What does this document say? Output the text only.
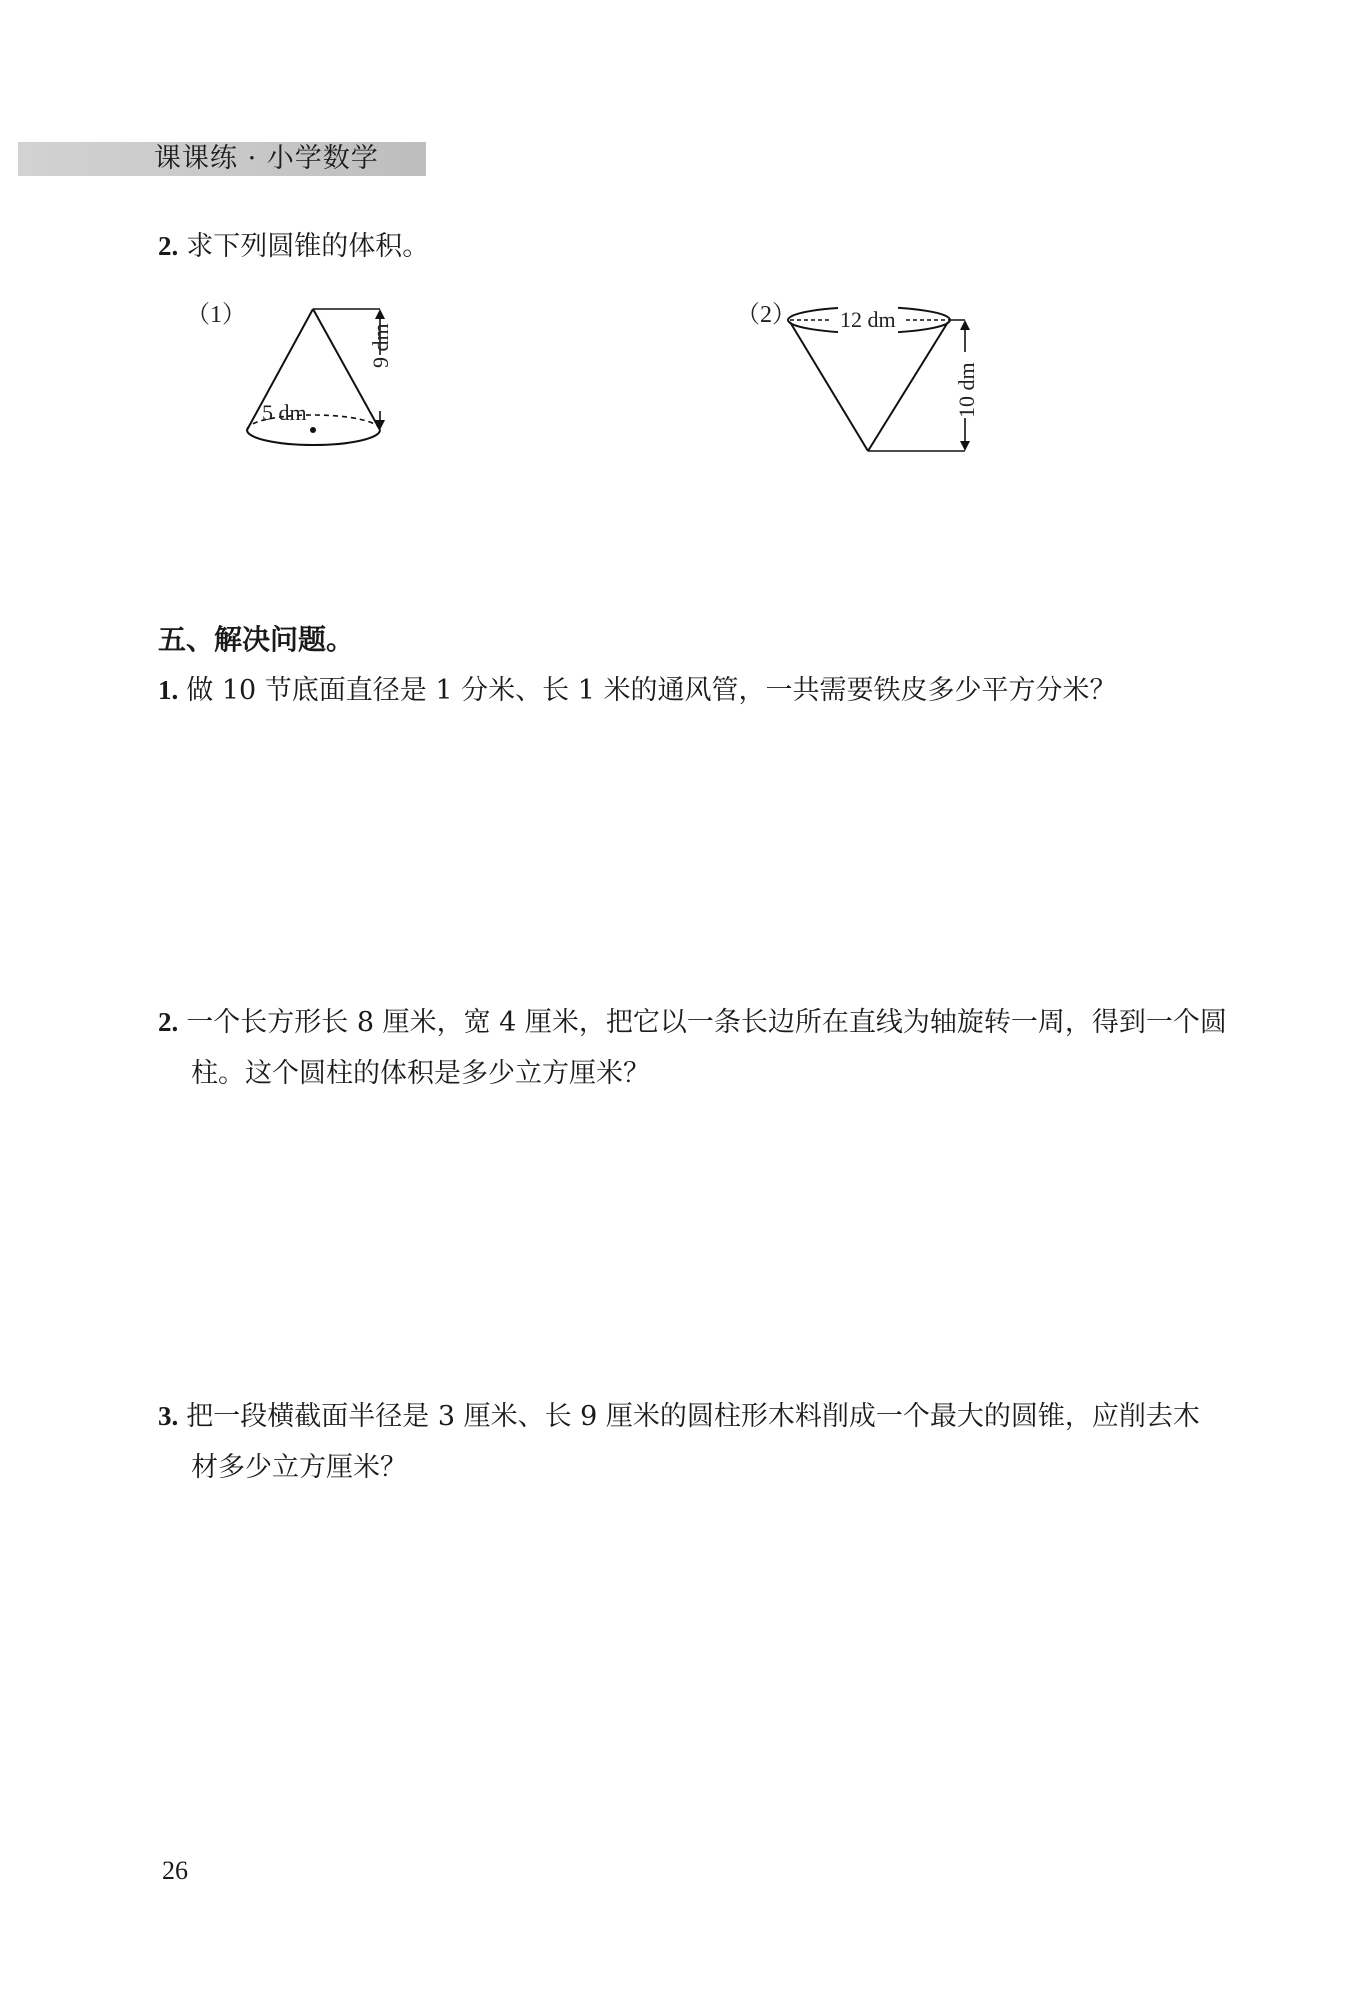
课课练 · 小学数学
2. 求下列圆锥的体积。
（1）
5 dm
9 dm
（2） 12 dm
10 dm
五、解决问题。
1. 做 10 节底面直径是 1 分米、长 1 米的通风管，一共需要铁皮多少平方分米？
2. 一个长方形长 8 厘米，宽 4 厘米，把它以一条长边所在直线为轴旋转一周，得到一个圆
柱。这个圆柱的体积是多少立方厘米？
3. 把一段横截面半径是 3 厘米、长 9 厘米的圆柱形木料削成一个最大的圆锥，应削去木
材多少立方厘米？
26
